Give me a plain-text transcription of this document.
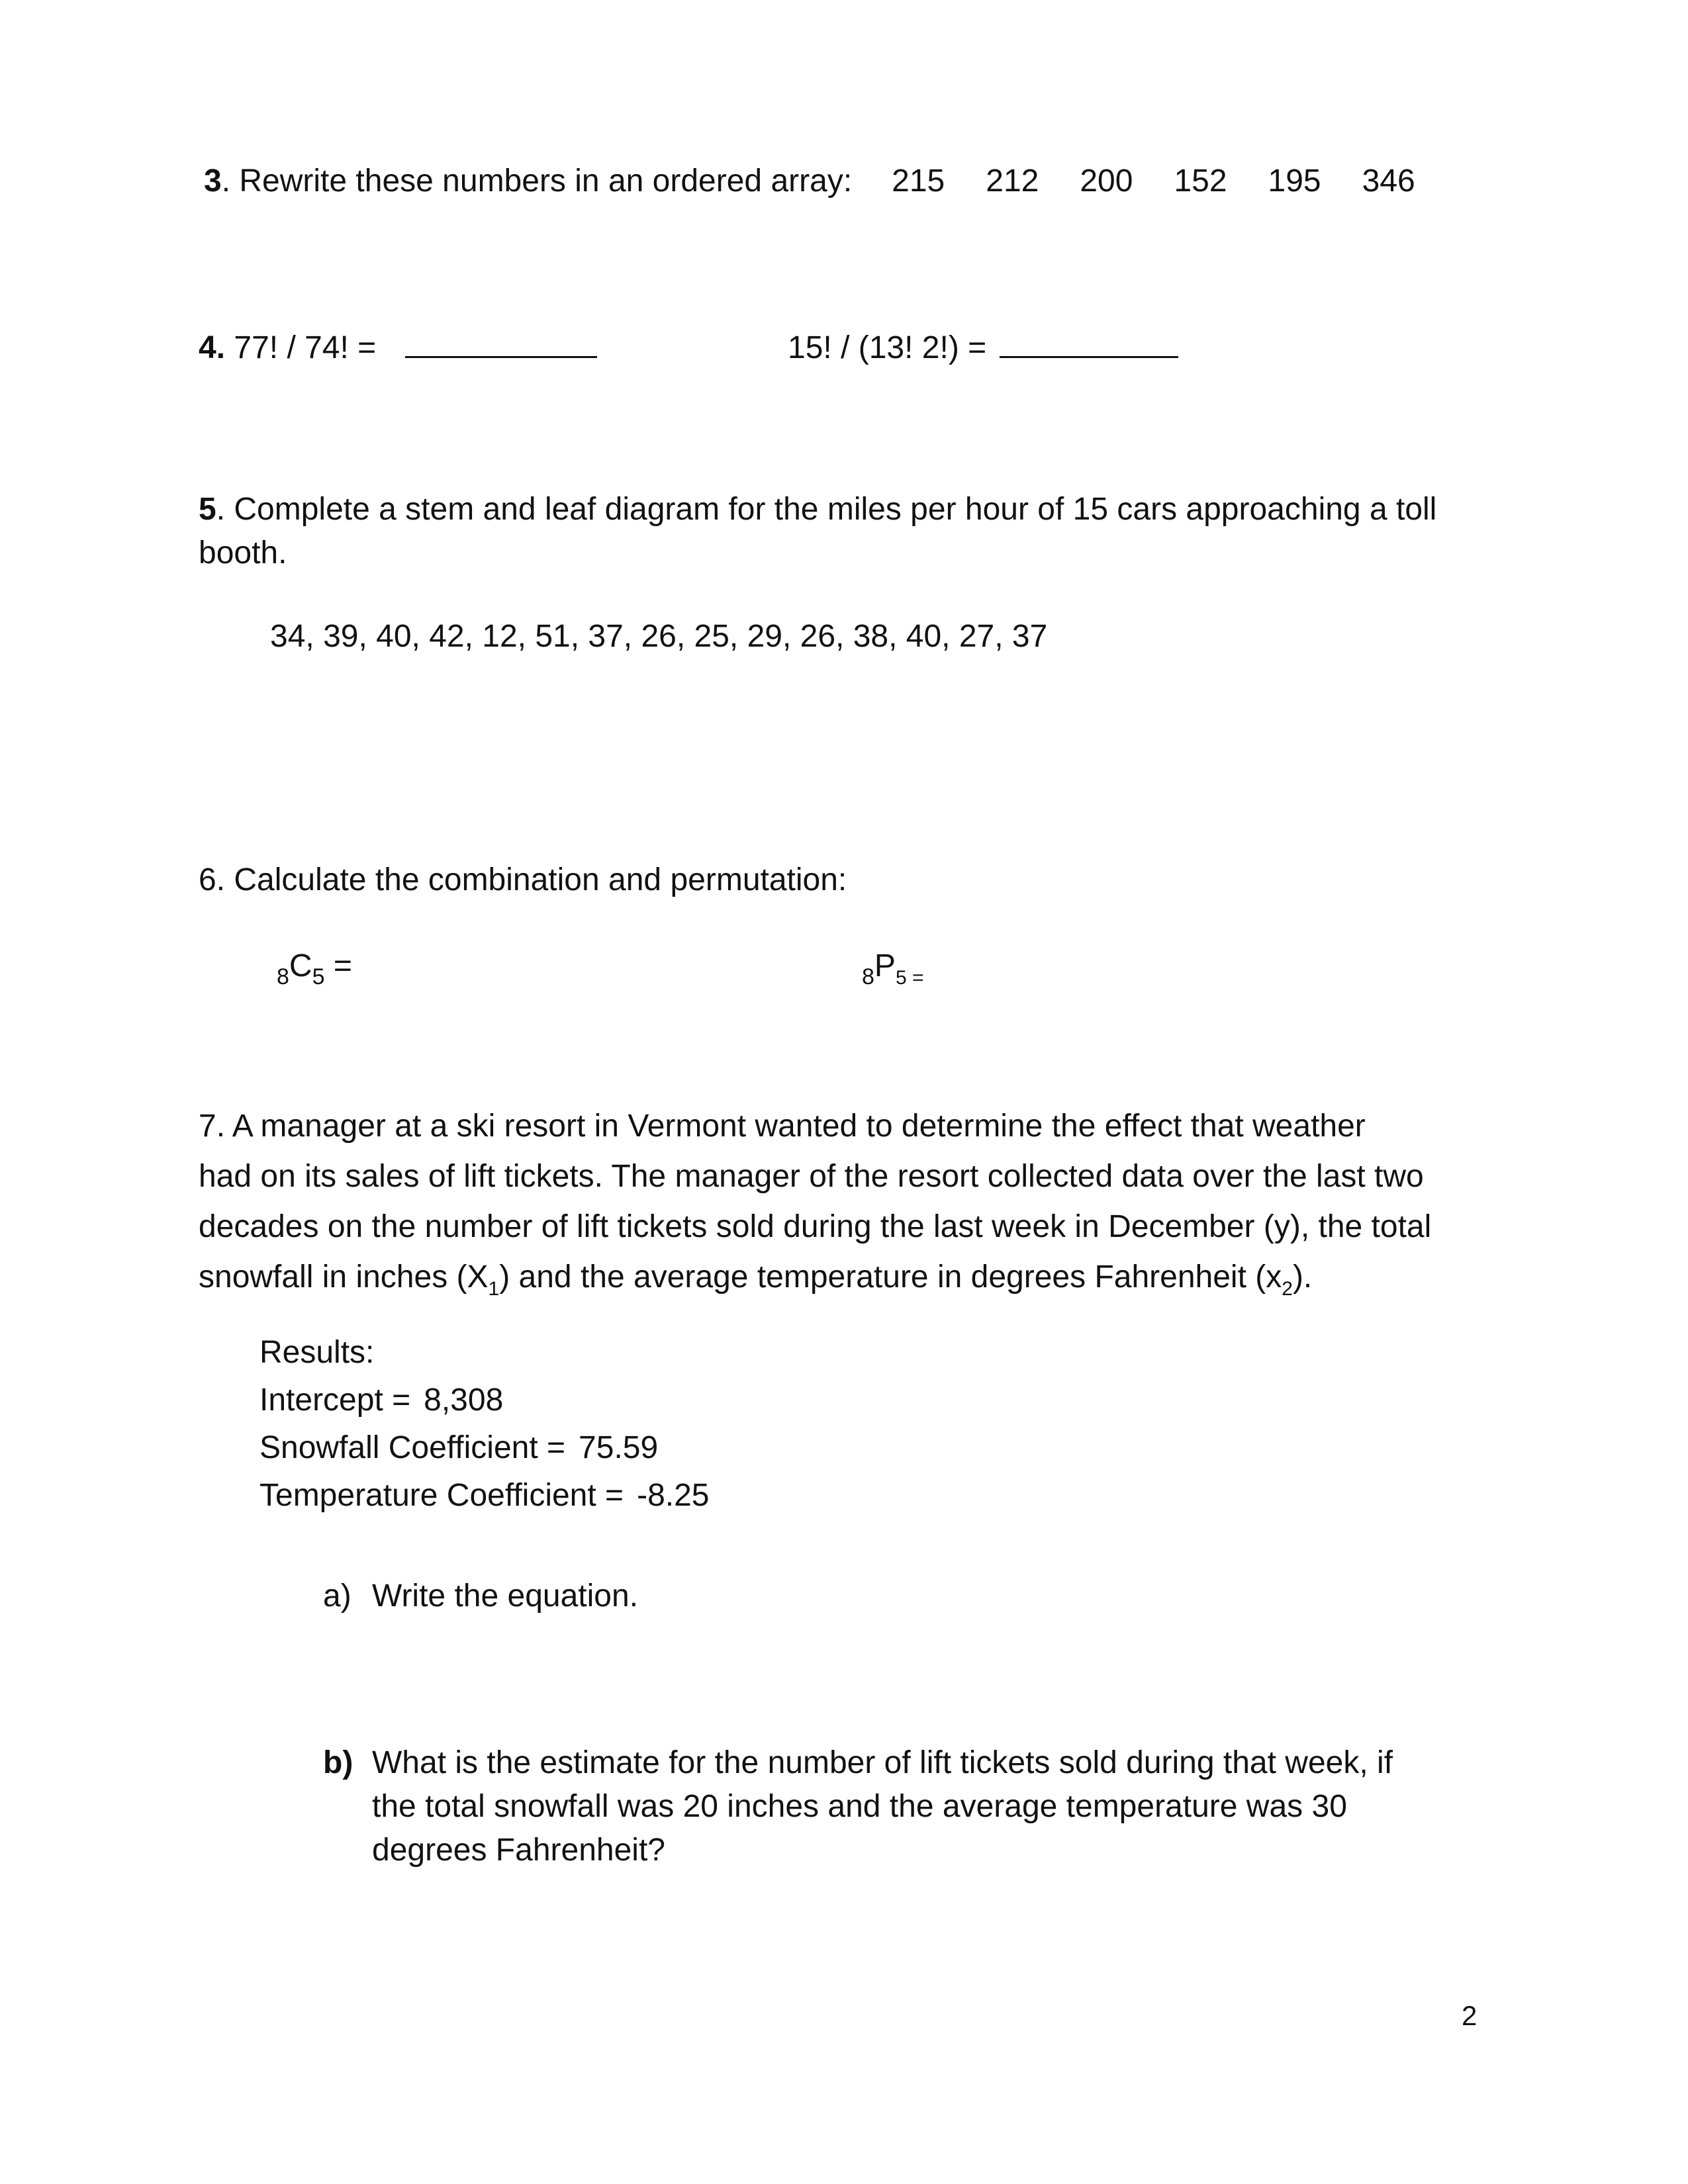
3. Rewrite these numbers in an ordered array: 215 212 200 152 195 346
4. 77! / 74! =	15! / (13! 2!) =
5. Complete a stem and leaf diagram for the miles per hour of 15 cars approaching a toll
booth.
34, 39, 40, 42, 12, 51, 37, 26, 25, 29, 26, 38, 40, 27, 37
6. Calculate the combination and permutation:
$_8C_5$ =	$_8P_5$ $_=$
7. A manager at a ski resort in Vermont wanted to determine the effect that weather
had on its sales of lift tickets. The manager of the resort collected data over the last two
decades on the number of lift tickets sold during the last week in December (y), the total
snowfall in inches $(X_1)$ and the average temperature in degrees Fahrenheit $(x_2)$.
Results:
Intercept = 8,308
Snowfall Coefficient = 75.59
Temperature Coefficient = -8.25
a) Write the equation.
b) What is the estimate for the number of lift tickets sold during that week, if
the total snowfall was 20 inches and the average temperature was 30
degrees Fahrenheit?
2
